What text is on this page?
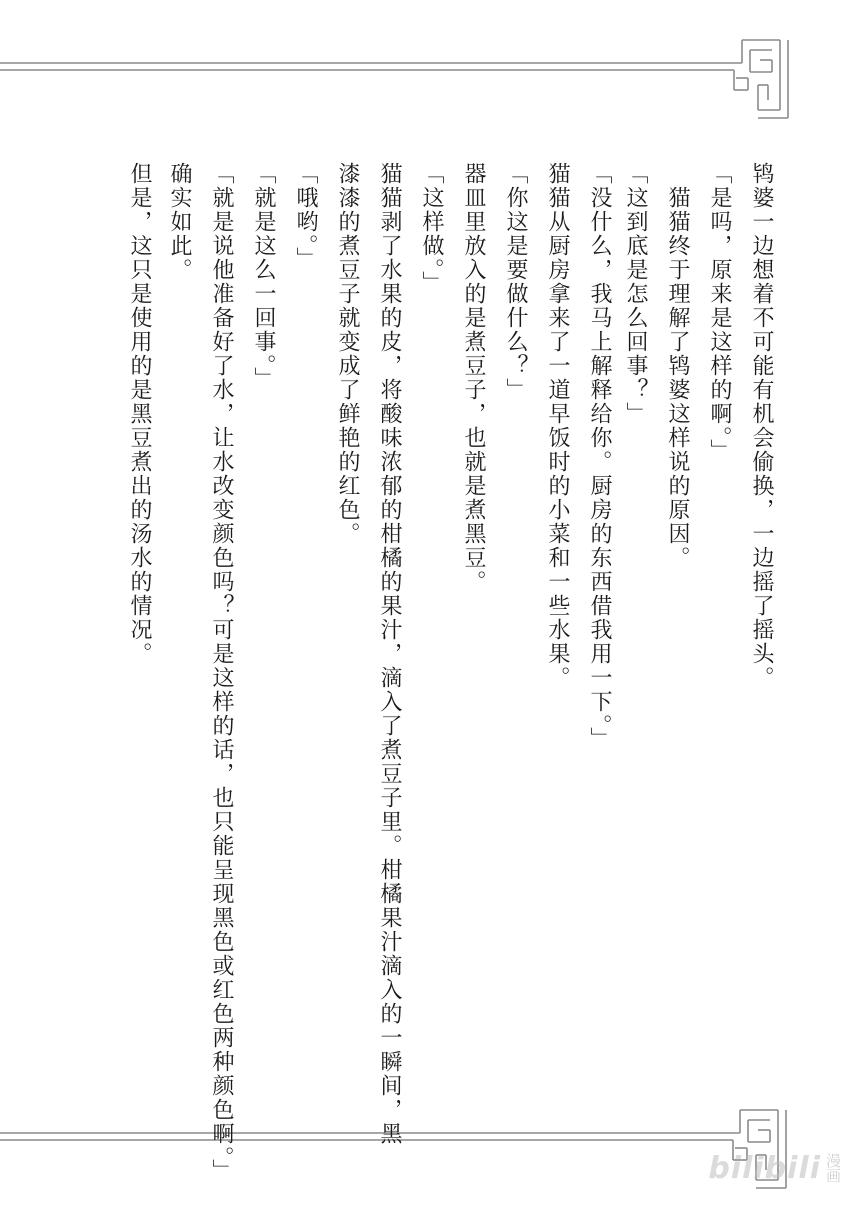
鸨婆一边想着不可能有机会偷换，一边摇了摇头。
「是吗，原来是这样的啊。」
　猫猫终于理解了鸨婆这样说的原因。
「没什么，我马上解释给你。厨房的东西借我用一下。」 「这到底是怎么回事？」
猫猫从厨房拿来了一道早饭时的小菜和一些水果。
「你这是要做什么？」
器皿里放入的是煮豆子，也就是煮黑豆。
「这样做。」
猫猫剥了水果的皮，将酸味浓郁的柑橘的果汁，滴入了煮豆子里。柑橘果汁滴入的一瞬间，黑
漆漆的煮豆子就变成了鲜艳的红色。
「哦哟。」
「就是这么一回事。」
「就是说他准备好了水，让水改变颜色吗？可是这样的话，也只能呈现黑色或红色两种颜色啊。」
确实如此。
但是，这只是使用的是黑豆煮出的汤水的情况。
bilibili 漫画
